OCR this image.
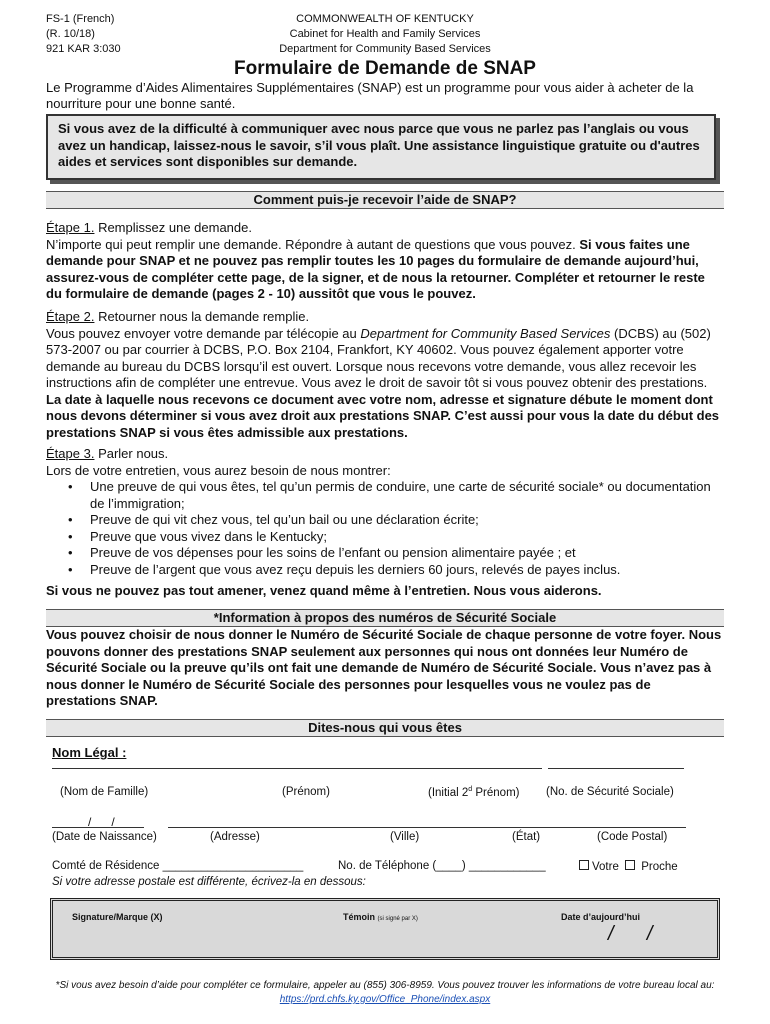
FS-1 (French)
(R. 10/18)
921 KAR 3:030
COMMONWEALTH OF KENTUCKY
Cabinet for Health and Family Services
Department for Community Based Services
Formulaire de Demande de SNAP
Le Programme d’Aides Alimentaires Supplémentaires (SNAP) est un programme pour vous aider à acheter de la nourriture pour une bonne santé.
Si vous avez de la difficulté à communiquer avec nous parce que vous ne parlez pas l’anglais ou vous avez un handicap, laissez-nous le savoir, s’il vous plaît. Une assistance linguistique gratuite ou d'autres aides et services sont disponibles sur demande.
Comment puis-je recevoir l’aide de SNAP?
Étape 1. Remplissez une demande.
N’importe qui peut remplir une demande. Répondre à autant de questions que vous pouvez. Si vous faites une demande pour SNAP et ne pouvez pas remplir toutes les 10 pages du formulaire de demande aujourd’hui, assurez-vous de compléter cette page, de la signer, et de nous la retourner. Compléter et retourner le reste du formulaire de demande (pages 2 - 10) aussitôt que vous le pouvez.
Étape 2. Retourner nous la demande remplie.
Vous pouvez envoyer votre demande par télécopie au Department for Community Based Services (DCBS) au (502) 573-2007 ou par courrier à DCBS, P.O. Box 2104, Frankfort, KY 40602. Vous pouvez également apporter votre demande au bureau du DCBS lorsqu’il est ouvert. Lorsque nous recevons votre demande, vous allez recevoir les instructions afin de compléter une entrevue. Vous avez le droit de savoir tôt si vous pouvez obtenir des prestations. La date à laquelle nous recevons ce document avec votre nom, adresse et signature débute le moment dont nous devons déterminer si vous avez droit aux prestations SNAP. C’est aussi pour vous la date du début des prestations SNAP si vous êtes admissible aux prestations.
Étape 3. Parler nous.
Lors de votre entretien, vous aurez besoin de nous montrer:
• Une preuve de qui vous êtes, tel qu’un permis de conduire, une carte de sécurité sociale* ou documentation de l’immigration;
• Preuve de qui vit chez vous, tel qu’un bail ou une déclaration écrite;
• Preuve que vous vivez dans le Kentucky;
• Preuve de vos dépenses pour les soins de l’enfant ou pension alimentaire payée ; et
• Preuve de l’argent que vous avez reçu depuis les derniers 60 jours, relevés de payes inclus.
Si vous ne pouvez pas tout amener, venez quand même à l’entretien. Nous vous aiderons.
*Information à propos des numéros de Sécurité Sociale
Vous pouvez choisir de nous donner le Numéro de Sécurité Sociale de chaque personne de votre foyer. Nous pouvons donner des prestations SNAP seulement aux personnes qui nous ont données leur Numéro de Sécurité Sociale ou la preuve qu’ils ont fait une demande de Numéro de Sécurité Sociale. Vous n’avez pas à nous donner le Numéro de Sécurité Sociale des personnes pour lesquelles vous ne voulez pas de prestations SNAP.
Dites-nous qui vous êtes
Nom Légal :
(Nom de Famille)	(Prénom)	(Initial 2$^d$ Prénom) (No. de Sécurité Sociale)
/      /
(Date de Naissance)	(Adresse)	(Ville)	(État)	(Code Postal)
Comté de Résidence ______________________	No. de Téléphone (____) ____________	Votre Proche
Si votre adresse postale est différente, écrivez-la en dessous:
Signature/Marque (X)	Témoin (si signé par X)	Date d’aujourd’hui
/      /
*Si vous avez besoin d’aide pour compléter ce formulaire, appeler au (855) 306-8959. Vous pouvez trouver les informations de votre bureau local au: https://prd.chfs.ky.gov/Office_Phone/index.aspx
